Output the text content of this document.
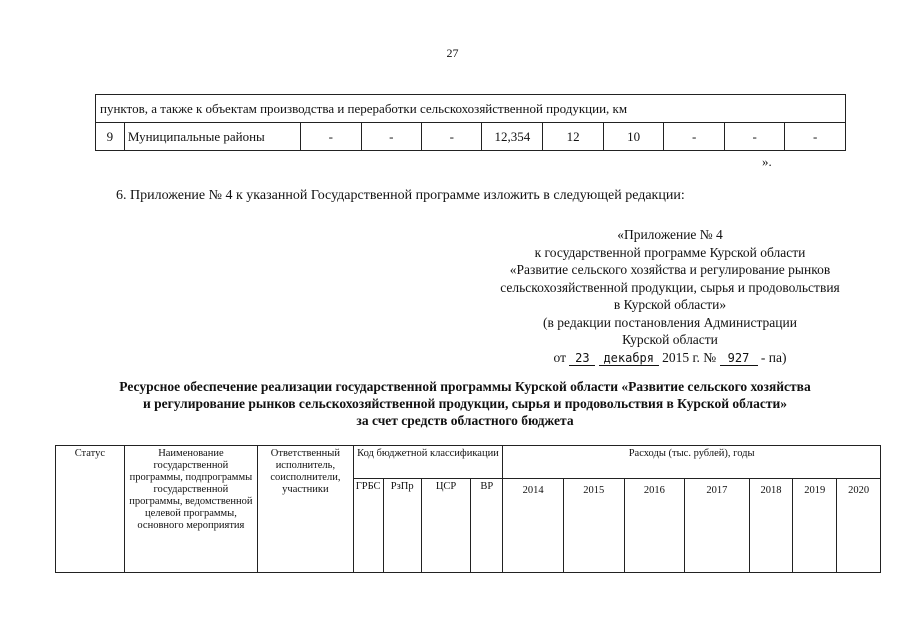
27
пунктов, а также к объектам производства и переработки сельскохозяйственной продукции, км
9	Муниципальные районы	-	-	-	12,354	12	10	-	-	-
».
6. Приложение № 4 к указанной Государственной программе изложить в следующей редакции:
«Приложение № 4
к государственной программе Курской области
«Развитие сельского хозяйства и регулирование рынков
сельскохозяйственной продукции, сырья и продовольствия
в Курской области»
(в редакции постановления Администрации
Курской области
от 23 декабря 2015 г. № 927 - па)
Ресурсное обеспечение реализации государственной программы Курской области «Развитие сельского хозяйства
и регулирование рынков сельскохозяйственной продукции, сырья и продовольствия в Курской области»
за счет средств областного бюджета
Статус	Наименование государственной программы, подпрограммы государственной программы, ведомственной целевой программы, основного мероприятия	Ответственный исполнитель, соисполнители, участники	Код бюджетной классификации				Расходы (тыс. рублей), годы						
			ГРБС	РзПр	ЦСР	ВР	2014	2015	2016	2017	2018	2019	2020
